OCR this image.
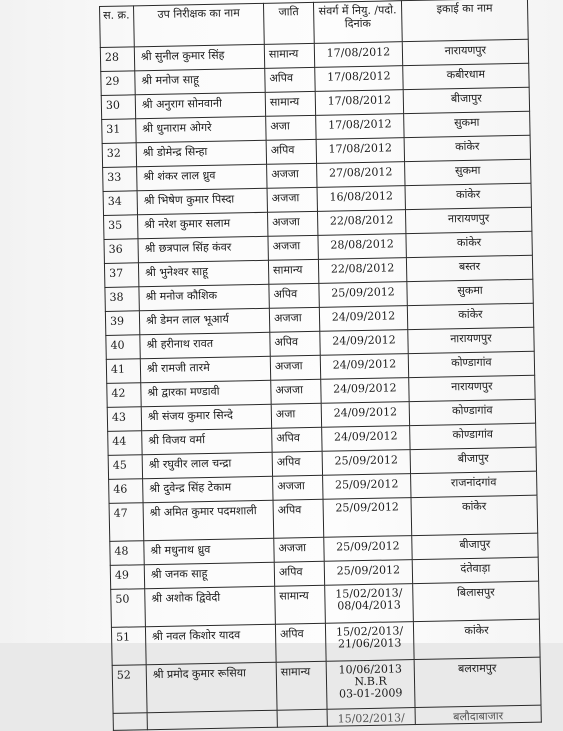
स. क्र.	उप निरीक्षक का नाम	जाति	संवर्ग में नियु. /पदो. दिनांक	इकाई का नाम
28	श्री सुनील कुमार सिंह	सामान्य	17/08/2012	नारायणपुर
29	श्री मनोज साहू	अपिव	17/08/2012	कबीरधाम
30	श्री अनुराग सोनवानी	सामान्य	17/08/2012	बीजापुर
31	श्री धुनाराम ओगरे	अजा	17/08/2012	सुकमा
32	श्री डोमेन्द्र सिन्हा	अपिव	17/08/2012	कांकेर
33	श्री शंकर लाल ध्रुव	अजजा	27/08/2012	सुकमा
34	श्री भिषेण कुमार पिस्दा	अजजा	16/08/2012	कांकेर
35	श्री नरेश कुमार सलाम	अजजा	22/08/2012	नारायणपुर
36	श्री छत्रपाल सिंह कंवर	अजजा	28/08/2012	कांकेर
37	श्री भुनेश्वर साहू	सामान्य	22/08/2012	बस्तर
38	श्री मनोज कौशिक	अपिव	25/09/2012	सुकमा
39	श्री डेमन लाल भूआर्य	अजजा	24/09/2012	कांकेर
40	श्री हरीनाथ रावत	अपिव	24/09/2012	नारायणपुर
41	श्री रामजी तारमे	अजजा	24/09/2012	कोण्डागांव
42	श्री द्वारका मण्डावी	अजजा	24/09/2012	नारायणपुर
43	श्री संजय कुमार सिन्दे	अजा	24/09/2012	कोण्डागांव
44	श्री विजय वर्मा	अपिव	24/09/2012	कोण्डागांव
45	श्री रघुवीर लाल चन्द्रा	अपिव	25/09/2012	बीजापुर
46	श्री दुवेन्द्र सिंह टेकाम	अजजा	25/09/2012	राजनांदगांव
47	श्री अमित कुमार पदमशाली	अपिव	25/09/2012	कांकेर
48	श्री मधुनाथ ध्रुव	अजजा	25/09/2012	बीजापुर
49	श्री जनक साहू	अपिव	25/09/2012	दंतेवाड़ा
50	श्री अशोक द्विवेदी	सामान्य	15/02/2013/
08/04/2013	बिलासपुर
51	श्री नवल किशोर यादव	अपिव	15/02/2013/
21/06/2013	कांकेर
52	श्री प्रमोद कुमार रूसिया	सामान्य	10/06/2013
N.B.R
03-01-2009	बलरामपुर
			15/02/2013/	बलौदाबाजार
